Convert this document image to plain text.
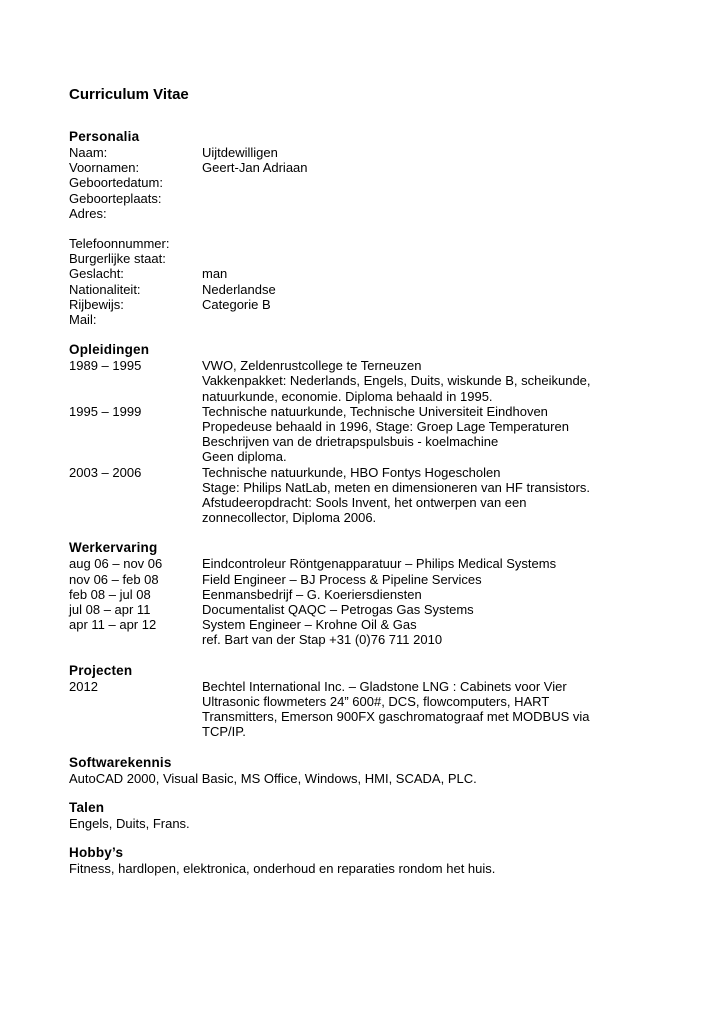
Curriculum Vitae
Personalia
Naam:	Uijtdewilligen
Voornamen:	Geert-Jan Adriaan
Geboortedatum:
Geboorteplaats:
Adres:
Telefoonnummer:
Burgerlijke staat:
Geslacht:	man
Nationaliteit:	Nederlandse
Rijbewijs:	Categorie B
Mail:
Opleidingen
1989 – 1995	VWO, Zeldenrustcollege te Terneuzen
Vakkenpakket: Nederlands, Engels, Duits, wiskunde B, scheikunde,
natuurkunde, economie. Diploma behaald in 1995.
1995 – 1999	Technische natuurkunde, Technische Universiteit Eindhoven
Propedeuse behaald in 1996, Stage: Groep Lage Temperaturen
Beschrijven van de drietrapspulsbuis - koelmachine
Geen diploma.
2003 – 2006	Technische natuurkunde, HBO Fontys Hogescholen
Stage: Philips NatLab, meten en dimensioneren van HF transistors.
Afstudeeropdracht: Sools Invent, het ontwerpen van een
zonnecollector, Diploma 2006.
Werkervaring
aug 06 – nov 06	Eindcontroleur Röntgenapparatuur – Philips Medical Systems
nov 06 – feb 08	Field Engineer – BJ Process & Pipeline Services
feb 08 – jul 08	Eenmansbedrijf – G. Koeriersdiensten
jul 08 – apr 11	Documentalist QAQC – Petrogas Gas Systems
apr 11 – apr 12	System Engineer – Krohne Oil & Gas
ref. Bart van der Stap +31 (0)76 711 2010
Projecten
2012	Bechtel International Inc. – Gladstone LNG : Cabinets voor Vier
Ultrasonic flowmeters 24” 600#, DCS, flowcomputers, HART
Transmitters, Emerson 900FX gaschromatograaf met MODBUS via
TCP/IP.
Softwarekennis
AutoCAD 2000, Visual Basic, MS Office, Windows, HMI, SCADA, PLC.
Talen
Engels, Duits, Frans.
Hobby’s
Fitness, hardlopen, elektronica, onderhoud en reparaties rondom het huis.
